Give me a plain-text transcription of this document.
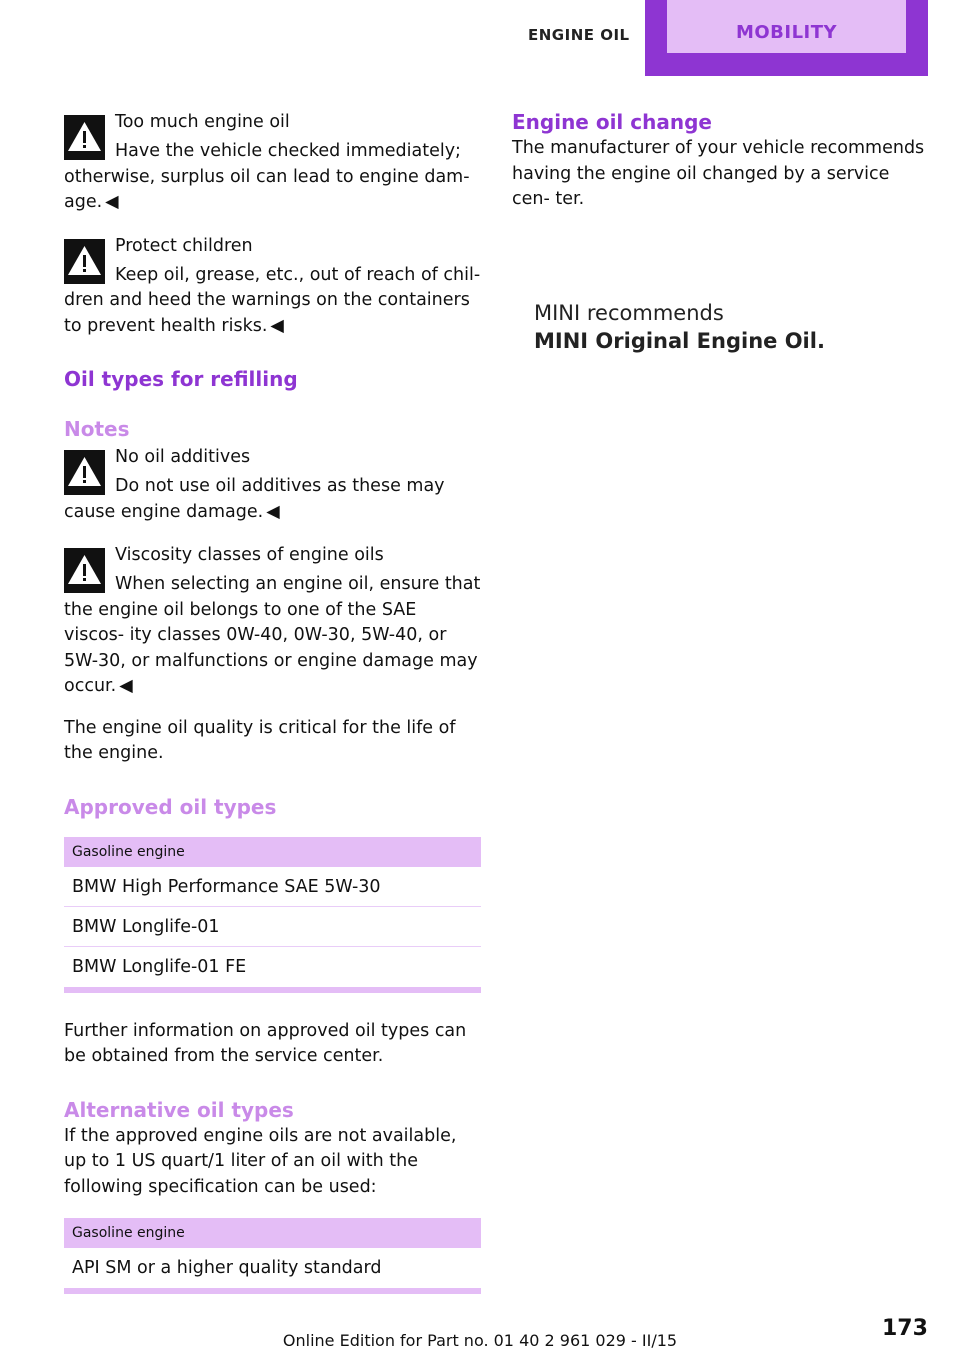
ENGINE OIL	MOBILITY
Too much engine oil
Have the vehicle checked immediately; otherwise, surplus oil can lead to engine dam‐ age. ◀
Protect children
Keep oil, grease, etc., out of reach of chil‐ dren and heed the warnings on the containers to prevent health risks. ◀
Oil types for refilling
Notes
No oil additives
Do not use oil additives as these may cause engine damage. ◀
Viscosity classes of engine oils
When selecting an engine oil, ensure that the engine oil belongs to one of the SAE viscos‐ ity classes 0W-40, 0W-30, 5W-40, or 5W-30, or malfunctions or engine damage may occur. ◀
The engine oil quality is critical for the life of the engine.
Approved oil types
Gasoline engine
BMW High Performance SAE 5W-30
BMW Longlife-01
BMW Longlife-01 FE
Further information on approved oil types can be obtained from the service center.
Alternative oil types
If the approved engine oils are not available, up to 1 US quart/1 liter of an oil with the following specification can be used:
Gasoline engine
API SM or a higher quality standard
Engine oil change
The manufacturer of your vehicle recommends having the engine oil changed by a service cen‐ ter.
MINI recommends
MINI Original Engine Oil.
173
Online Edition for Part no. 01 40 2 961 029 - II/15
